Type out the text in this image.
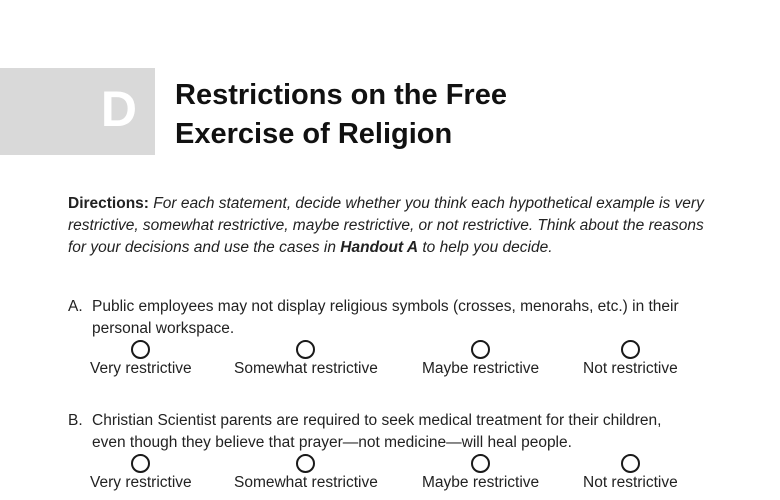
D Restrictions on the Free
Exercise of Religion
Directions: For each statement, decide whether you think each hypothetical example is very restrictive, somewhat restrictive, maybe restrictive, or not restrictive. Think about the reasons for your decisions and use the cases in Handout A to help you decide.
A. Public employees may not display religious symbols (crosses, menorahs, etc.) in their
personal workspace.
Very restrictive	Somewhat restrictive	Maybe restrictive	Not restrictive
B. Christian Scientist parents are required to seek medical treatment for their children,
even though they believe that prayer—not medicine—will heal people.
Very restrictive	Somewhat restrictive	Maybe restrictive	Not restrictive
